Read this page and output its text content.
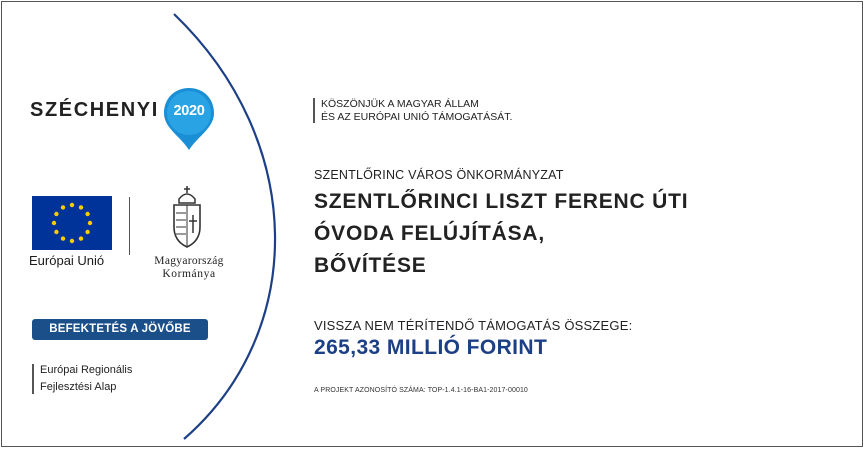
SZÉCHENYI	2020
Európai Unió	Magyarország
Kormánya
BEFEKTETÉS A JÖVŐBE
Európai Regionális
Fejlesztési Alap
KÖSZÖNJÜK A MAGYAR ÁLLAM
ÉS AZ EURÓPAI UNIÓ TÁMOGATÁSÁT.
SZENTLŐRINC VÁROS ÖNKORMÁNYZAT
SZENTLŐRINCI LISZT FERENC ÚTI
ÓVODA FELÚJÍTÁSA,
BŐVÍTÉSE
VISSZA NEM TÉRÍTENDŐ TÁMOGATÁS ÖSSZEGE:
265,33 MILLIÓ FORINT
A PROJEKT AZONOSÍTÓ SZÁMA: TOP-1.4.1-16-BA1-2017-00010
